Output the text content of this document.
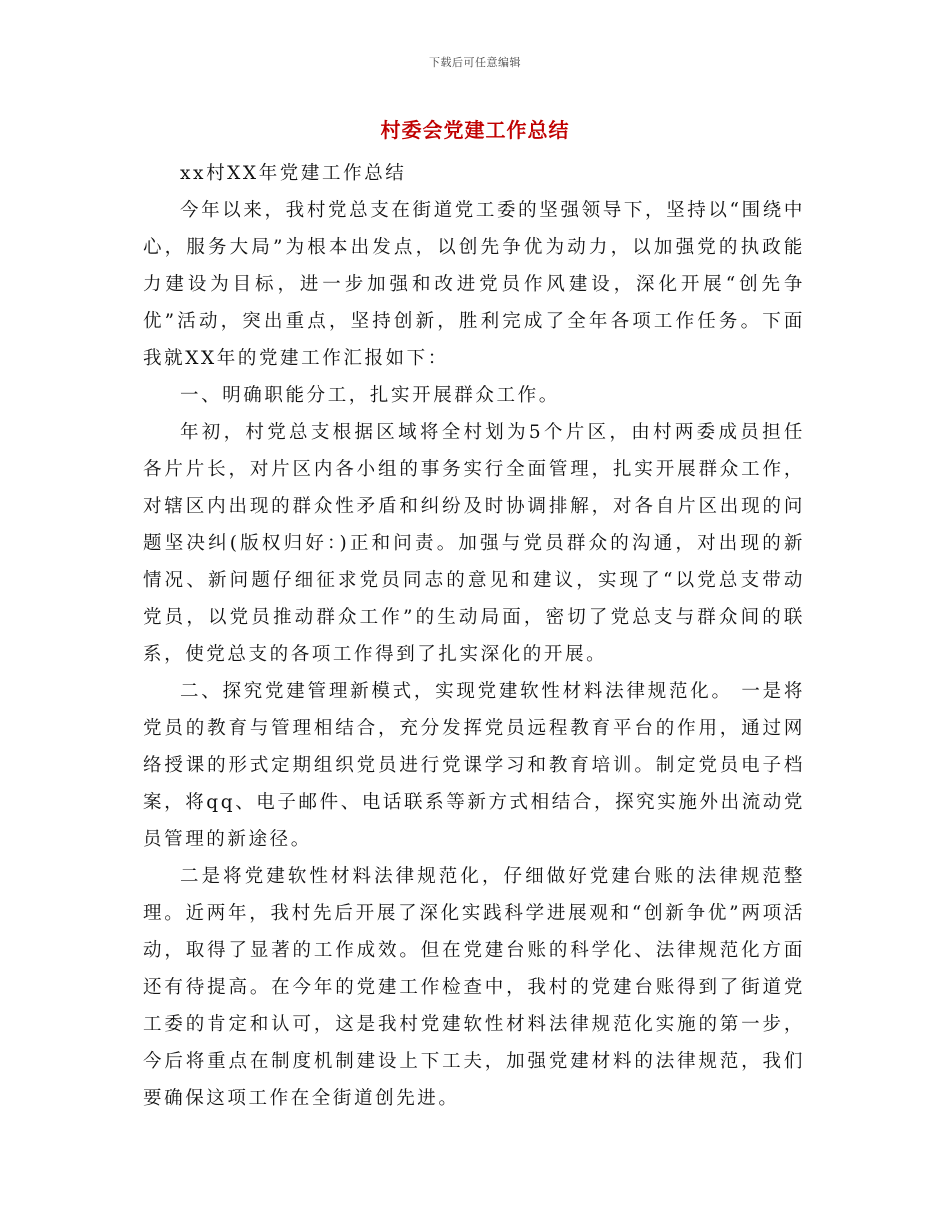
下载后可任意编辑
村委会党建工作总结

xx村XX年党建工作总结

今年以来，我村党总支在街道党工委的坚强领导下，坚持以“围绕中心，服务大局”为根本出发点，以创先争优为动力，以加强党的执政能力建设为目标，进一步加强和改进党员作风建设，深化开展“创先争优”活动，突出重点，坚持创新，胜利完成了全年各项工作任务。下面我就XX年的党建工作汇报如下：

一、明确职能分工，扎实开展群众工作。

年初，村党总支根据区域将全村划为5个片区，由村两委成员担任各片片长，对片区内各小组的事务实行全面管理，扎实开展群众工作，对辖区内出现的群众性矛盾和纠纷及时协调排解，对各自片区出现的问题坚决纠(版权归好：)正和问责。加强与党员群众的沟通，对出现的新情况、新问题仔细征求党员同志的意见和建议，实现了“以党总支带动党员，以党员推动群众工作”的生动局面，密切了党总支与群众间的联系，使党总支的各项工作得到了扎实深化的开展。

二、探究党建管理新模式，实现党建软性材料法律规范化。 一是将党员的教育与管理相结合，充分发挥党员远程教育平台的作用，通过网络授课的形式定期组织党员进行党课学习和教育培训。制定党员电子档案，将qq、电子邮件、电话联系等新方式相结合，探究实施外出流动党员管理的新途径。

二是将党建软性材料法律规范化，仔细做好党建台账的法律规范整理。近两年，我村先后开展了深化实践科学进展观和“创新争优”两项活动，取得了显著的工作成效。但在党建台账的科学化、法律规范化方面还有待提高。在今年的党建工作检查中，我村的党建台账得到了街道党工委的肯定和认可，这是我村党建软性材料法律规范化实施的第一步，今后将重点在制度机制建设上下工夫，加强党建材料的法律规范，我们要确保这项工作在全街道创先进。
